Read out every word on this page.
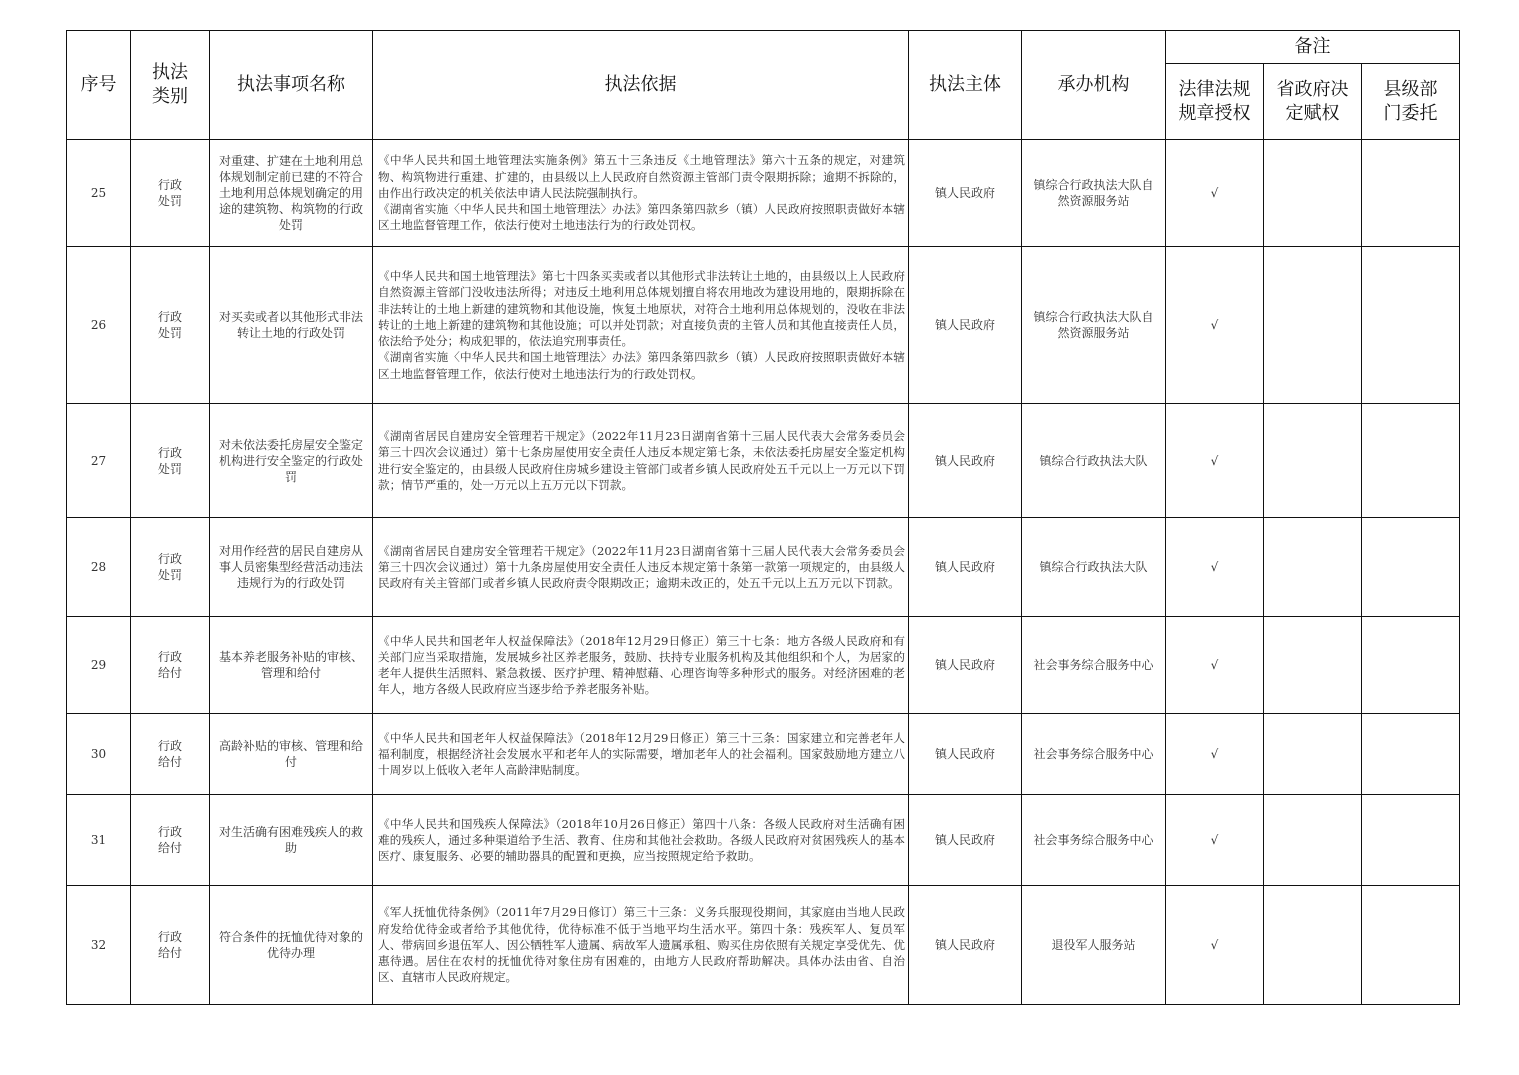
序号	执法类别	执法事项名称	执法依据	执法主体	承办机构	备注		

						法律法规规章授权	省政府决定赋权	县级部门委托

25	行政处罚	对重建、扩建在土地利用总体规划制定前已建的不符合土地利用总体规划确定的用途的建筑物、构筑物的行政处罚	《中华人民共和国土地管理法实施条例》第五十三条违反《土地管理法》第六十五条的规定，对建筑物、构筑物进行重建、扩建的，由县级以上人民政府自然资源主管部门责令限期拆除；逾期不拆除的，由作出行政决定的机关依法申请人民法院强制执行。
《湖南省实施〈中华人民共和国土地管理法〉办法》第四条第四款乡（镇）人民政府按照职责做好本辖区土地监督管理工作，依法行使对土地违法行为的行政处罚权。	镇人民政府	镇综合行政执法大队自然资源服务站	√		

26	行政处罚	对买卖或者以其他形式非法转让土地的行政处罚	《中华人民共和国土地管理法》第七十四条买卖或者以其他形式非法转让土地的，由县级以上人民政府自然资源主管部门没收违法所得；对违反土地利用总体规划擅自将农用地改为建设用地的，限期拆除在非法转让的土地上新建的建筑物和其他设施，恢复土地原状，对符合土地利用总体规划的，没收在非法转让的土地上新建的建筑物和其他设施；可以并处罚款；对直接负责的主管人员和其他直接责任人员，依法给予处分；构成犯罪的，依法追究刑事责任。
《湖南省实施〈中华人民共和国土地管理法〉办法》第四条第四款乡（镇）人民政府按照职责做好本辖区土地监督管理工作，依法行使对土地违法行为的行政处罚权。	镇人民政府	镇综合行政执法大队自然资源服务站	√		

27	行政处罚	对未依法委托房屋安全鉴定机构进行安全鉴定的行政处罚	《湖南省居民自建房安全管理若干规定》（2022年11月23日湖南省第十三届人民代表大会常务委员会第三十四次会议通过）第十七条房屋使用安全责任人违反本规定第七条，未依法委托房屋安全鉴定机构进行安全鉴定的，由县级人民政府住房城乡建设主管部门或者乡镇人民政府处五千元以上一万元以下罚款；情节严重的，处一万元以上五万元以下罚款。	镇人民政府	镇综合行政执法大队	√		

28	行政处罚	对用作经营的居民自建房从事人员密集型经营活动违法违规行为的行政处罚	《湖南省居民自建房安全管理若干规定》（2022年11月23日湖南省第十三届人民代表大会常务委员会第三十四次会议通过）第十九条房屋使用安全责任人违反本规定第十条第一款第一项规定的，由县级人民政府有关主管部门或者乡镇人民政府责令限期改正；逾期未改正的，处五千元以上五万元以下罚款。	镇人民政府	镇综合行政执法大队	√		

29	行政给付	基本养老服务补贴的审核、管理和给付	《中华人民共和国老年人权益保障法》（2018年12月29日修正）第三十七条：地方各级人民政府和有关部门应当采取措施，发展城乡社区养老服务，鼓励、扶持专业服务机构及其他组织和个人，为居家的老年人提供生活照料、紧急救援、医疗护理、精神慰藉、心理咨询等多种形式的服务。对经济困难的老年人，地方各级人民政府应当逐步给予养老服务补贴。	镇人民政府	社会事务综合服务中心	√		

30	行政给付	高龄补贴的审核、管理和给付	《中华人民共和国老年人权益保障法》（2018年12月29日修正）第三十三条：国家建立和完善老年人福利制度，根据经济社会发展水平和老年人的实际需要，增加老年人的社会福利。国家鼓励地方建立八十周岁以上低收入老年人高龄津贴制度。	镇人民政府	社会事务综合服务中心	√		

31	行政给付	对生活确有困难残疾人的救助	《中华人民共和国残疾人保障法》（2018年10月26日修正）第四十八条：各级人民政府对生活确有困难的残疾人，通过多种渠道给予生活、教育、住房和其他社会救助。各级人民政府对贫困残疾人的基本医疗、康复服务、必要的辅助器具的配置和更换，应当按照规定给予救助。	镇人民政府	社会事务综合服务中心	√		

32	行政给付	符合条件的抚恤优待对象的优待办理	《军人抚恤优待条例》（2011年7月29日修订）第三十三条：义务兵服现役期间，其家庭由当地人民政府发给优待金或者给予其他优待，优待标准不低于当地平均生活水平。第四十条：残疾军人、复员军人、带病回乡退伍军人、因公牺牲军人遗属、病故军人遗属承租、购买住房依照有关规定享受优先、优惠待遇。居住在农村的抚恤优待对象住房有困难的，由地方人民政府帮助解决。具体办法由省、自治区、直辖市人民政府规定。	镇人民政府	退役军人服务站	√		
